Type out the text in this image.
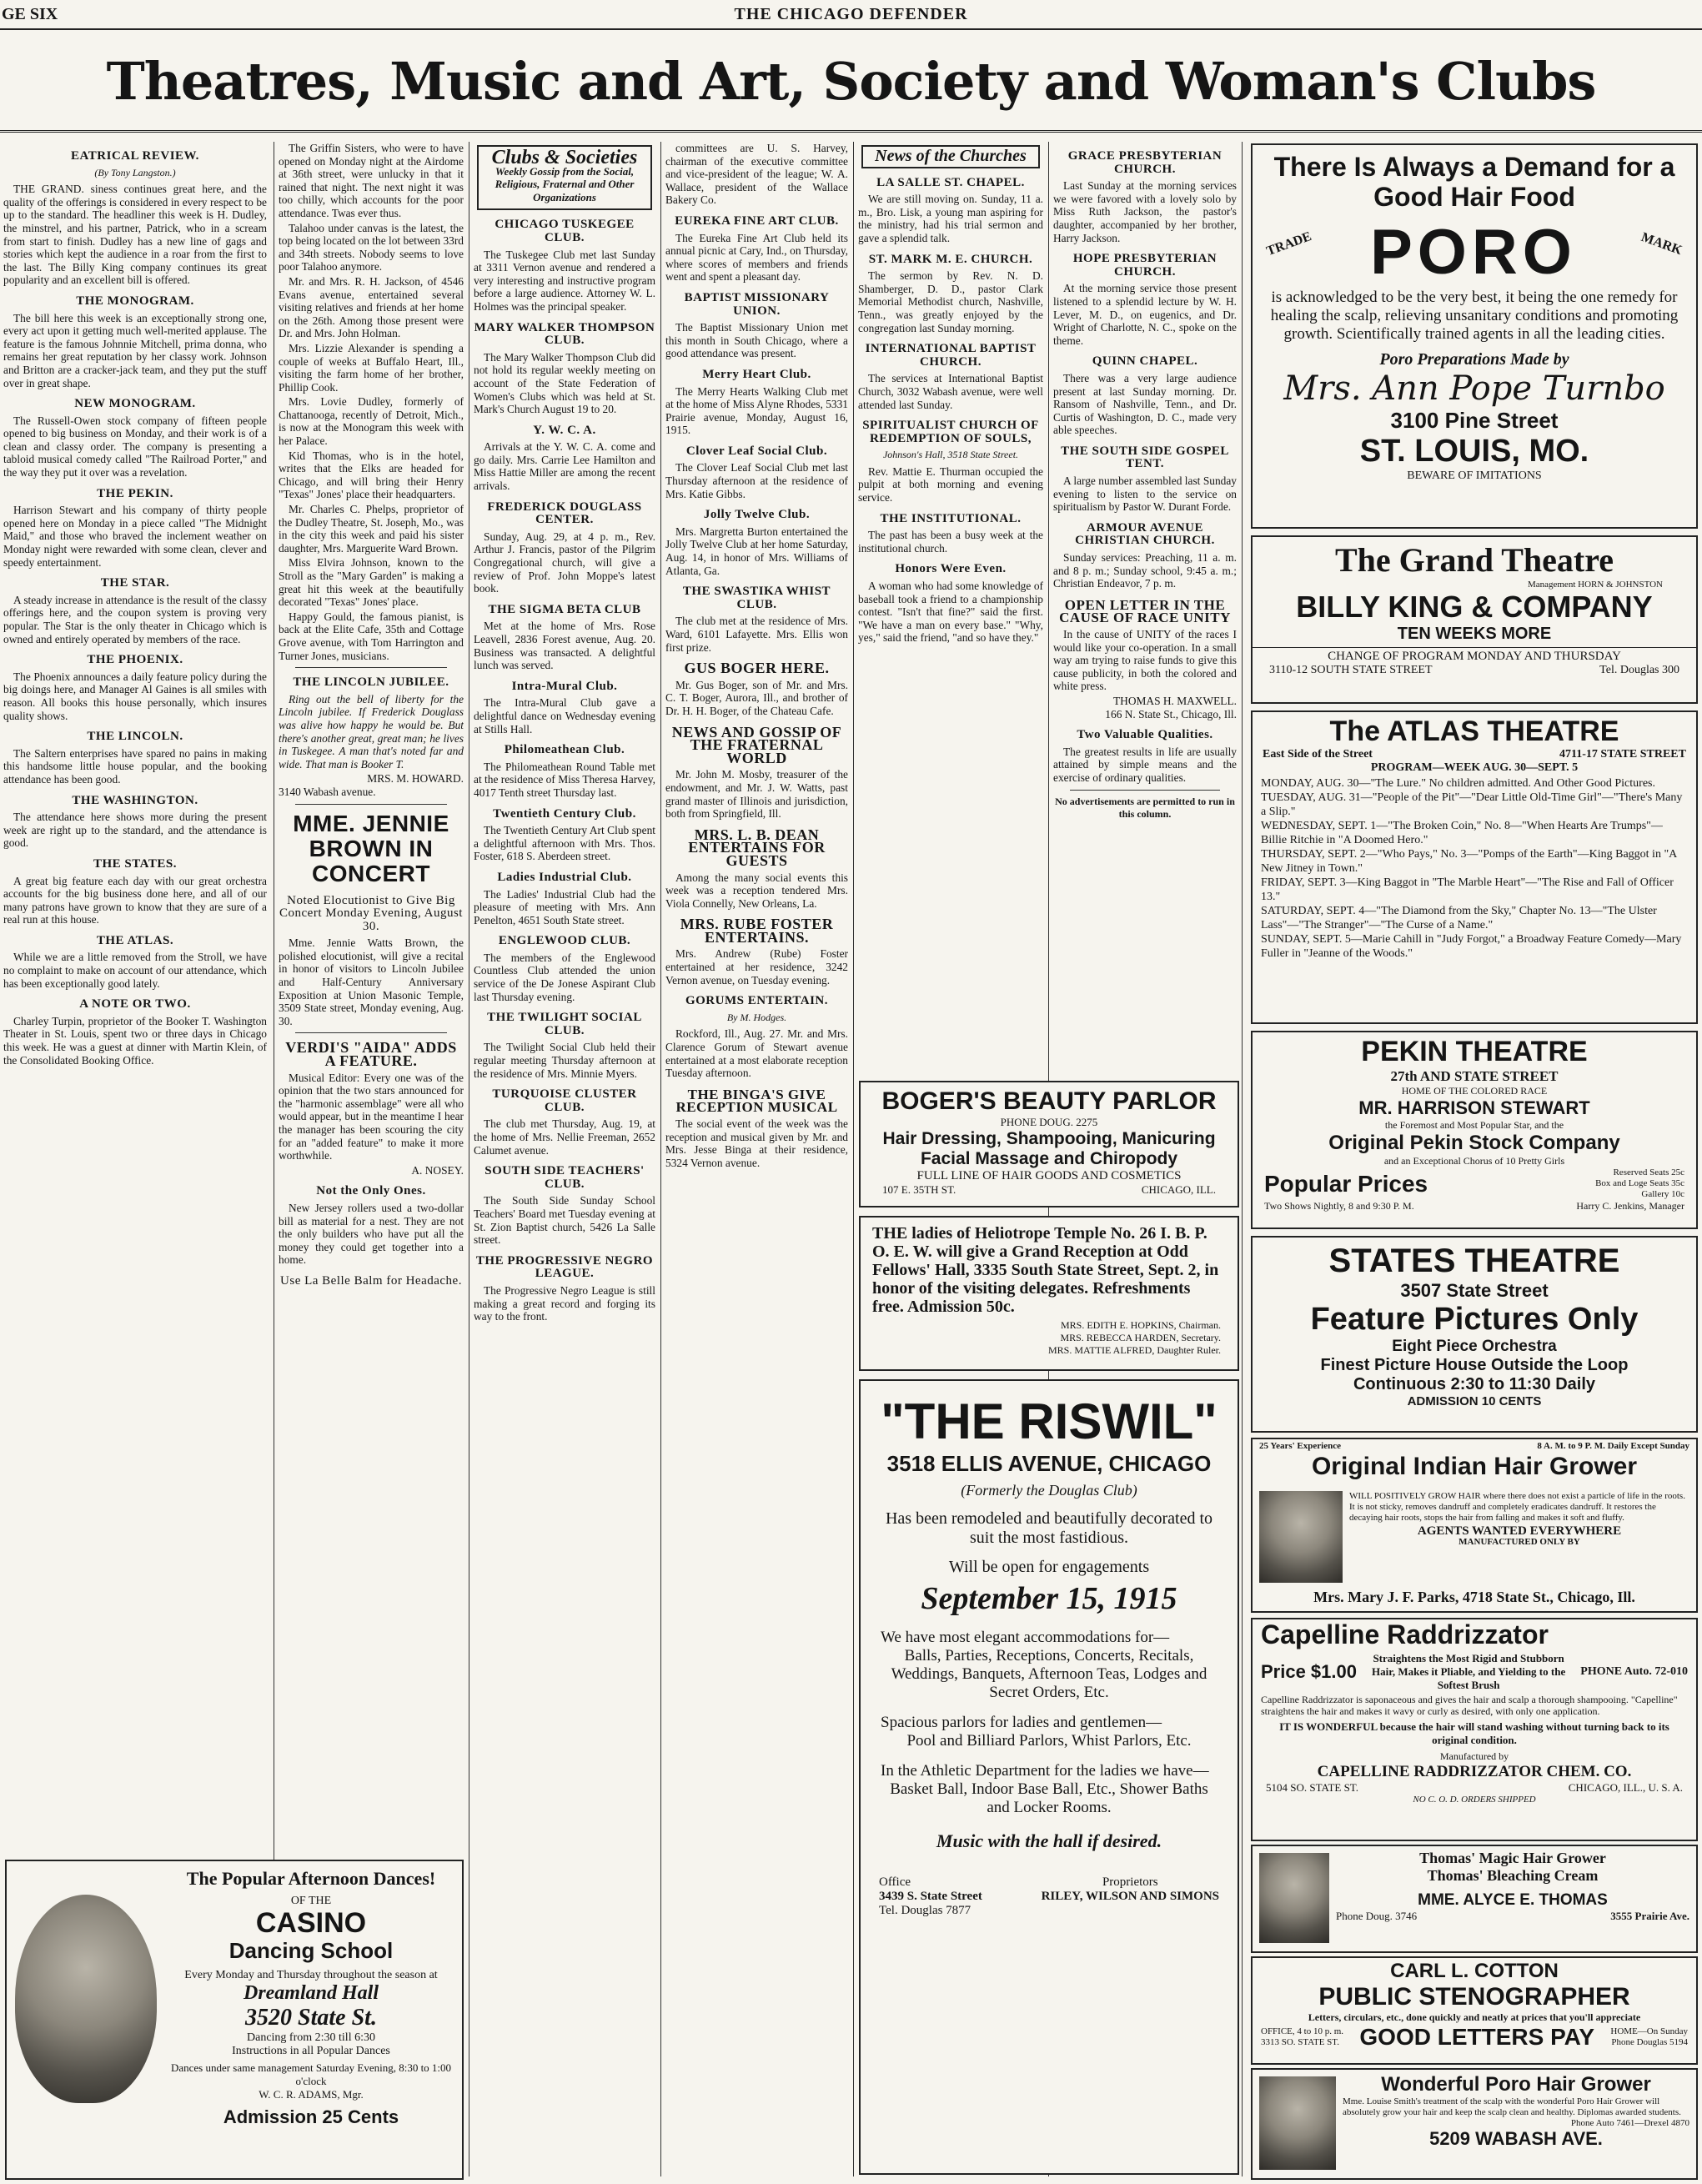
GE SIX	THE CHICAGO DEFENDER
Theatres, Music and Art, Society and Woman's Clubs
EATRICAL REVIEW.
(By Tony Langston.)

THE GRAND. siness continues great here, and the quality of the offerings is considered in every respect to be up to the standard. The headliner this week is H. Dudley, the minstrel, and his partner, Patrick, who in a scream from start to finish. Dudley has a new line of gags and stories which kept the audience in a roar from the first to the last. The Billy King company continues its great popularity and an excellent bill is offered.

THE MONOGRAM.

The bill here this week is an exceptionally strong one, every act upon it getting much well-merited applause. The feature is the famous Johnnie Mitchell, prima donna, who remains her great reputation by her classy work. Johnson and Britton are a cracker-jack team, and they put the stuff over in great shape.

NEW MONOGRAM.

The Russell-Owen stock company of fifteen people opened to big business on Monday, and their work is of a clean and classy order. The company is presenting a tabloid musical comedy called "The Railroad Porter," and the way they put it over was a revelation.

THE PEKIN.

Harrison Stewart and his company of thirty people opened here on Monday in a piece called "The Midnight Maid," and those who braved the inclement weather on Monday night were rewarded with some clean, clever and speedy entertainment.

THE STAR.

A steady increase in attendance is the result of the classy offerings here, and the coupon system is proving very popular. The Star is the only theater in Chicago which is owned and entirely operated by members of the race.

THE PHOENIX.

The Phoenix announces a daily feature policy during the big doings here, and Manager Al Gaines is all smiles with reason. All books this house personally, which insures quality shows.

THE LINCOLN.

The Saltern enterprises have spared no pains in making this handsome little house popular, and the booking attendance has been good.

THE WASHINGTON.

The attendance here shows more during the present week are right up to the standard, and the attendance is good.

THE STATES.

A great big feature each day with our great orchestra accounts for the big business done here, and all of our many patrons have grown to know that they are sure of a real run at this house.

THE ATLAS.

While we are a little removed from the Stroll, we have no complaint to make on account of our attendance, which has been exceptionally good lately.

A NOTE OR TWO.

Charley Turpin, proprietor of the Booker T. Washington Theater in St. Louis, spent two or three days in Chicago this week. He was a guest at dinner with Martin Klein, of the Consolidated Booking Office.

The Popular Afternoon Dances!
OF THE
CASINO
Dancing School
Every Monday and Thursday throughout the season at
Dreamland Hall
3520 State St.
Dancing from 2:30 till 6:30
Instructions in all Popular Dances
Dances under same management Saturday Evening, 8:30 to 1:00 o'clock
W. C. R. ADAMS, Mgr.
Admission 25 Cents

The Griffin Sisters, who were to have opened on Monday night at the Airdome at 36th street, were unlucky in that it rained that night. The next night it was too chilly, which accounts for the poor attendance. Twas ever thus.

Talahoo under canvas is the latest, the top being located on the lot between 33rd and 34th streets. Nobody seems to love poor Talahoo anymore.

Mr. and Mrs. R. H. Jackson, of 4546 Evans avenue, entertained several visiting relatives and friends at her home on the 26th. Among those present were Dr. and Mrs. John Holman.

Mrs. Lizzie Alexander is spending a couple of weeks at Buffalo Heart, Ill., visiting the farm home of her brother, Phillip Cook.

Mrs. Lovie Dudley, formerly of Chattanooga, recently of Detroit, Mich., is now at the Monogram this week with her Palace.

Kid Thomas, who is in the hotel, writes that the Elks are headed for Chicago, and will bring their Henry "Texas" Jones' place their headquarters.

Mr. Charles C. Phelps, proprietor of the Dudley Theatre, St. Joseph, Mo., was in the city this week and paid his sister daughter, Mrs. Marguerite Ward Brown.

Miss Elvira Johnson, known to the Stroll as the "Mary Garden" is making a great hit this week at the beautifully decorated "Texas" Jones' place.

Happy Gould, the famous pianist, is back at the Elite Cafe, 35th and Cottage Grove avenue, with Tom Harrington and Turner Jones, musicians.

THE LINCOLN JUBILEE.

Ring out the bell of liberty for the Lincoln jubilee. If Frederick Douglass was alive how happy he would be. But there's another great, great man; he lives in Tuskegee. A man that's noted far and wide. That man is Booker T.

MRS. M. HOWARD.
3140 Wabash avenue.
MME. JENNIE BROWN IN CONCERT
Noted Elocutionist to Give Big Concert Monday Evening, August 30.

Mme. Jennie Watts Brown, the polished elocutionist, will give a recital in honor of visitors to Lincoln Jubilee and Half-Century Anniversary Exposition at Union Masonic Temple, 3509 State street, Monday evening, Aug. 30.

VERDI'S "AIDA" ADDS A FEATURE.

Musical Editor: Every one was of the opinion that the two stars announced for the "harmonic assemblage" were all who would appear, but in the meantime I hear the manager has been scouring the city for an "added feature" to make it more worthwhile.

A. NOSEY.
Not the Only Ones.

New Jersey rollers used a two-dollar bill as material for a nest. They are not the only builders who have put all the money they could get together into a home.

Use La Belle Balm for Headache.
Clubs & Societies
Weekly Gossip from the Social, Religious, Fraternal and Other Organizations
CHICAGO TUSKEGEE CLUB.

The Tuskegee Club met last Sunday at 3311 Vernon avenue and rendered a very interesting and instructive program before a large audience. Attorney W. L. Holmes was the principal speaker.

MARY WALKER THOMPSON CLUB.

The Mary Walker Thompson Club did not hold its regular weekly meeting on account of the State Federation of Women's Clubs which was held at St. Mark's Church August 19 to 20.

Y. W. C. A.

Arrivals at the Y. W. C. A. come and go daily. Mrs. Carrie Lee Hamilton and Miss Hattie Miller are among the recent arrivals.

FREDERICK DOUGLASS CENTER.

Sunday, Aug. 29, at 4 p. m., Rev. Arthur J. Francis, pastor of the Pilgrim Congregational church, will give a review of Prof. John Moppe's latest book.

THE SIGMA BETA CLUB

Met at the home of Mrs. Rose Leavell, 2836 Forest avenue, Aug. 20. Business was transacted. A delightful lunch was served.

Intra-Mural Club.

The Intra-Mural Club gave a delightful dance on Wednesday evening at Stills Hall.

Philomeathean Club.

The Philomeathean Round Table met at the residence of Miss Theresa Harvey, 4017 Tenth street Thursday last.

Twentieth Century Club.

The Twentieth Century Art Club spent a delightful afternoon with Mrs. Thos. Foster, 618 S. Aberdeen street.

Ladies Industrial Club.

The Ladies' Industrial Club had the pleasure of meeting with Mrs. Ann Penelton, 4651 South State street.

ENGLEWOOD CLUB.

The members of the Englewood Countless Club attended the union service of the De Jonese Aspirant Club last Thursday evening.

THE TWILIGHT SOCIAL CLUB.

The Twilight Social Club held their regular meeting Thursday afternoon at the residence of Mrs. Minnie Myers.

TURQUOISE CLUSTER CLUB.

The club met Thursday, Aug. 19, at the home of Mrs. Nellie Freeman, 2652 Calumet avenue.

SOUTH SIDE TEACHERS' CLUB.

The South Side Sunday School Teachers' Board met Tuesday evening at St. Zion Baptist church, 5426 La Salle street.

THE PROGRESSIVE NEGRO LEAGUE.

The Progressive Negro League is still making a great record and forging its way to the front.

committees are U. S. Harvey, chairman of the executive committee and vice-president of the league; W. A. Wallace, president of the Wallace Bakery Co.

EUREKA FINE ART CLUB.

The Eureka Fine Art Club held its annual picnic at Cary, Ind., on Thursday, where scores of members and friends went and spent a pleasant day.

BAPTIST MISSIONARY UNION.

The Baptist Missionary Union met this month in South Chicago, where a good attendance was present.

Merry Heart Club.

The Merry Hearts Walking Club met at the home of Miss Alyne Rhodes, 5331 Prairie avenue, Monday, August 16, 1915.

Clover Leaf Social Club.

The Clover Leaf Social Club met last Thursday afternoon at the residence of Mrs. Katie Gibbs.

Jolly Twelve Club.

Mrs. Margretta Burton entertained the Jolly Twelve Club at her home Saturday, Aug. 14, in honor of Mrs. Williams of Atlanta, Ga.

THE SWASTIKA WHIST CLUB.

The club met at the residence of Mrs. Ward, 6101 Lafayette. Mrs. Ellis won first prize.

GUS BOGER HERE.

Mr. Gus Boger, son of Mr. and Mrs. C. T. Boger, Aurora, Ill., and brother of Dr. H. H. Boger, of the Chateau Cafe.

NEWS AND GOSSIP OF THE FRATERNAL WORLD

Mr. John M. Mosby, treasurer of the endowment, and Mr. J. W. Watts, past grand master of Illinois and jurisdiction, both from Springfield, Ill.

MRS. L. B. DEAN ENTERTAINS FOR GUESTS

Among the many social events this week was a reception tendered Mrs. Viola Connelly, New Orleans, La.

MRS. RUBE FOSTER ENTERTAINS.

Mrs. Andrew (Rube) Foster entertained at her residence, 3242 Vernon avenue, on Tuesday evening.

GORUMS ENTERTAIN.
By M. Hodges.

Rockford, Ill., Aug. 27. Mr. and Mrs. Clarence Gorum of Stewart avenue entertained at a most elaborate reception Tuesday afternoon.

THE BINGA'S GIVE RECEPTION MUSICAL

The social event of the week was the reception and musical given by Mr. and Mrs. Jesse Binga at their residence, 5324 Vernon avenue.

News of the Churches
LA SALLE ST. CHAPEL.

We are still moving on. Sunday, 11 a. m., Bro. Lisk, a young man aspiring for the ministry, had his trial sermon and gave a splendid talk.

ST. MARK M. E. CHURCH.

The sermon by Rev. N. D. Shamberger, D. D., pastor Clark Memorial Methodist church, Nashville, Tenn., was greatly enjoyed by the congregation last Sunday morning.

INTERNATIONAL BAPTIST CHURCH.

The services at International Baptist Church, 3032 Wabash avenue, were well attended last Sunday.

SPIRITUALIST CHURCH OF REDEMPTION OF SOULS,
Johnson's Hall, 3518 State Street.

Rev. Mattie E. Thurman occupied the pulpit at both morning and evening service.

THE INSTITUTIONAL.

The past has been a busy week at the institutional church.

Honors Were Even.

A woman who had some knowledge of baseball took a friend to a championship contest. "Isn't that fine?" said the first. "We have a man on every base." "Why, yes," said the friend, "and so have they."

GRACE PRESBYTERIAN CHURCH.

Last Sunday at the morning services we were favored with a lovely solo by Miss Ruth Jackson, the pastor's daughter, accompanied by her brother, Harry Jackson.

HOPE PRESBYTERIAN CHURCH.

At the morning service those present listened to a splendid lecture by W. H. Lever, M. D., on eugenics, and Dr. Wright of Charlotte, N. C., spoke on the theme.

QUINN CHAPEL.

There was a very large audience present at last Sunday morning. Dr. Ransom of Nashville, Tenn., and Dr. Curtis of Washington, D. C., made very able speeches.

THE SOUTH SIDE GOSPEL TENT.

A large number assembled last Sunday evening to listen to the service on spiritualism by Pastor W. Durant Forde.

ARMOUR AVENUE CHRISTIAN CHURCH.

Sunday services: Preaching, 11 a. m. and 8 p. m.; Sunday school, 9:45 a. m.; Christian Endeavor, 7 p. m.

OPEN LETTER IN THE CAUSE OF RACE UNITY

In the cause of UNITY of the races I would like your co-operation. In a small way am trying to raise funds to give this cause publicity, in both the colored and white press.

THOMAS H. MAXWELL.
166 N. State St., Chicago, Ill.
Two Valuable Qualities.

The greatest results in life are usually attained by simple means and the exercise of ordinary qualities.

No advertisements are permitted to run in this column.
BOGER'S BEAUTY PARLOR
PHONE DOUG. 2275
Hair Dressing, Shampooing, Manicuring
Facial Massage and Chiropody
FULL LINE OF HAIR GOODS AND COSMETICS
107 E. 35TH ST.	CHICAGO, ILL.
THE ladies of Heliotrope Temple No. 26 I. B. P. O. E. W. will give a Grand Reception at Odd Fellows' Hall, 3335 South State Street, Sept. 2, in honor of the visiting delegates. Refreshments free. Admission 50c.
MRS. EDITH E. HOPKINS, Chairman.
MRS. REBECCA HARDEN, Secretary.
MRS. MATTIE ALFRED, Daughter Ruler.
"THE RISWIL"
3518 ELLIS AVENUE, CHICAGO
(Formerly the Douglas Club)
Has been remodeled and beautifully decorated to suit the most fastidious.
Will be open for engagements
September 15, 1915
We have most elegant accommodations for—
Balls, Parties, Receptions, Concerts, Recitals,
Weddings, Banquets, Afternoon Teas, Lodges and
Secret Orders, Etc.
Spacious parlors for ladies and gentlemen—
Pool and Billiard Parlors, Whist Parlors, Etc.
In the Athletic Department for the ladies we have—
Basket Ball, Indoor Base Ball, Etc., Shower Baths
and Locker Rooms.
Music with the hall if desired.
Office
3439 S. State Street
Tel. Douglas 7877
Proprietors
RILEY, WILSON AND SIMONS
There Is Always a Demand for a Good Hair Food
TRADE PORO	MARK
is acknowledged to be the very best, it being the one remedy for healing the scalp, relieving unsanitary conditions and promoting growth. Scientifically trained agents in all the leading cities.
Poro Preparations Made by
Mrs. Ann Pope Turnbo
3100 Pine Street
ST. LOUIS, MO.
BEWARE OF IMITATIONS
The Grand Theatre
Management HORN & JOHNSTON
BILLY KING & COMPANY
TEN WEEKS MORE
CHANGE OF PROGRAM MONDAY AND THURSDAY
3110-12 SOUTH STATE STREET	Tel. Douglas 300
The ATLAS THEATRE
East Side of the Street	4711-17 STATE STREET
PROGRAM—WEEK AUG. 30—SEPT. 5
MONDAY, AUG. 30—"The Lure." No children admitted. And Other Good Pictures.
TUESDAY, AUG. 31—"People of the Pit"—"Dear Little Old-Time Girl"—"There's Many a Slip."
WEDNESDAY, SEPT. 1—"The Broken Coin," No. 8—"When Hearts Are Trumps"—Billie Ritchie in "A Doomed Hero."
THURSDAY, SEPT. 2—"Who Pays," No. 3—"Pomps of the Earth"—King Baggot in "A New Jitney in Town."
FRIDAY, SEPT. 3—King Baggot in "The Marble Heart"—"The Rise and Fall of Officer 13."
SATURDAY, SEPT. 4—"The Diamond from the Sky," Chapter No. 13—"The Ulster Lass"—"The Stranger"—"The Curse of a Name."
SUNDAY, SEPT. 5—Marie Cahill in "Judy Forgot," a Broadway Feature Comedy—Mary Fuller in "Jeanne of the Woods."
PEKIN THEATRE
27th AND STATE STREET
HOME OF THE COLORED RACE
MR. HARRISON STEWART
the Foremost and Most Popular Star, and the
Original Pekin Stock Company
and an Exceptional Chorus of 10 Pretty Girls
Popular Prices	Reserved Seats 25c
Box and Loge Seats 35c
Gallery 10c
Two Shows Nightly, 8 and 9:30 P. M.	Harry C. Jenkins, Manager
STATES THEATRE
3507 State Street
Feature Pictures Only
Eight Piece Orchestra
Finest Picture House Outside the Loop
Continuous 2:30 to 11:30 Daily
ADMISSION 10 CENTS
25 Years' Experience	8 A. M. to 9 P. M. Daily Except Sunday
Original Indian Hair Grower
WILL POSITIVELY GROW HAIR where there does not exist a particle of life in the roots. It is not sticky, removes dandruff and completely eradicates dandruff. It restores the decaying hair roots, stops the hair from falling and makes it soft and fluffy.
AGENTS WANTED EVERYWHERE
MANUFACTURED ONLY BY
Mrs. Mary J. F. Parks, 4718 State St., Chicago, Ill.
Capelline Raddrizzator
Price $1.00
Straightens the Most Rigid and Stubborn Hair, Makes it Pliable, and Yielding to the Softest Brush
PHONE Auto. 72-010
Capelline Raddrizzator is saponaceous and gives the hair and scalp a thorough shampooing. "Capelline" straightens the hair and makes it wavy or curly as desired, with only one application.
IT IS WONDERFUL because the hair will stand washing without turning back to its original condition.
Manufactured by
CAPELLINE RADDRIZZATOR CHEM. CO.
5104 SO. STATE ST.	CHICAGO, ILL., U. S. A.
NO C. O. D. ORDERS SHIPPED
Thomas' Magic Hair Grower
Thomas' Bleaching Cream
MME. ALYCE E. THOMAS
Phone Doug. 3746	3555 Prairie Ave.
CARL L. COTTON
PUBLIC STENOGRAPHER
Letters, circulars, etc., done quickly and neatly at prices that you'll appreciate
OFFICE, 4 to 10 p. m.
3313 SO. STATE ST. GOOD LETTERS PAY HOME—On Sunday
Phone Douglas 5194
Wonderful Poro Hair Grower
Mme. Louise Smith's treatment of the scalp with the wonderful Poro Hair Grower will absolutely grow your hair and keep the scalp clean and healthy. Diplomas awarded students.
Phone Auto 7461—Drexel 4870
5209 WABASH AVE.
